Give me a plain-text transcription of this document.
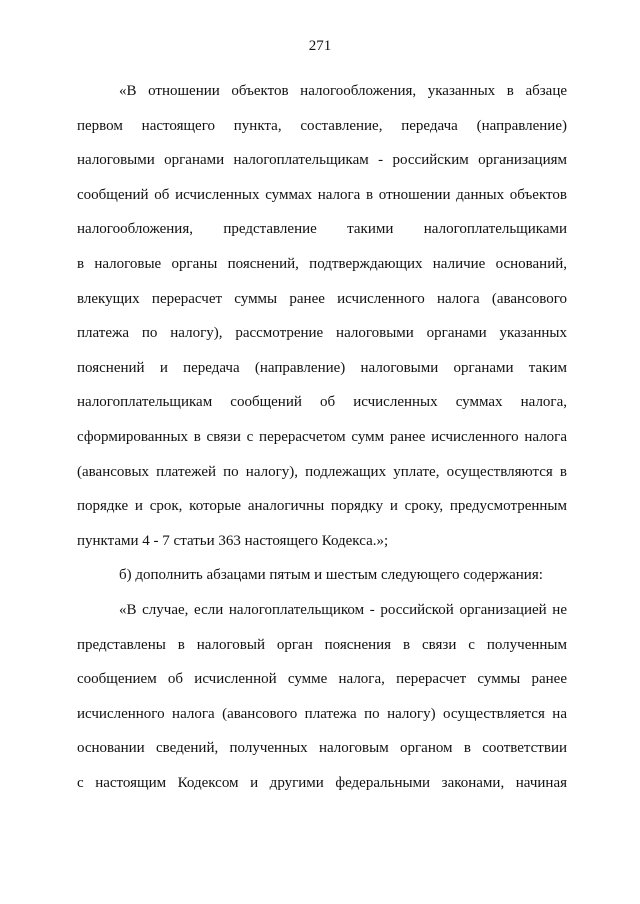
271

«В отношении объектов налогообложения, указанных в абзаце

первом настоящего пункта, составление, передача (направление)

налоговыми органами налогоплательщикам - российским организациям

сообщений об исчисленных суммах налога в отношении данных объектов

налогообложения, представление такими налогоплательщиками

в налоговые органы пояснений, подтверждающих наличие оснований,

влекущих перерасчет суммы ранее исчисленного налога (авансового

платежа по налогу), рассмотрение налоговыми органами указанных

пояснений и передача (направление) налоговыми органами таким

налогоплательщикам сообщений об исчисленных суммах налога,

сформированных в связи с перерасчетом сумм ранее исчисленного налога

(авансовых платежей по налогу), подлежащих уплате, осуществляются в

порядке и срок, которые аналогичны порядку и сроку, предусмотренным

пунктами 4 - 7 статьи 363 настоящего Кодекса.»;

б) дополнить абзацами пятым и шестым следующего содержания:

«В случае, если налогоплательщиком - российской организацией не

представлены в налоговый орган пояснения в связи с полученным

сообщением об исчисленной сумме налога, перерасчет суммы ранее

исчисленного налога (авансового платежа по налогу) осуществляется на

основании сведений, полученных налоговым органом в соответствии

с настоящим Кодексом и другими федеральными законами, начиная
